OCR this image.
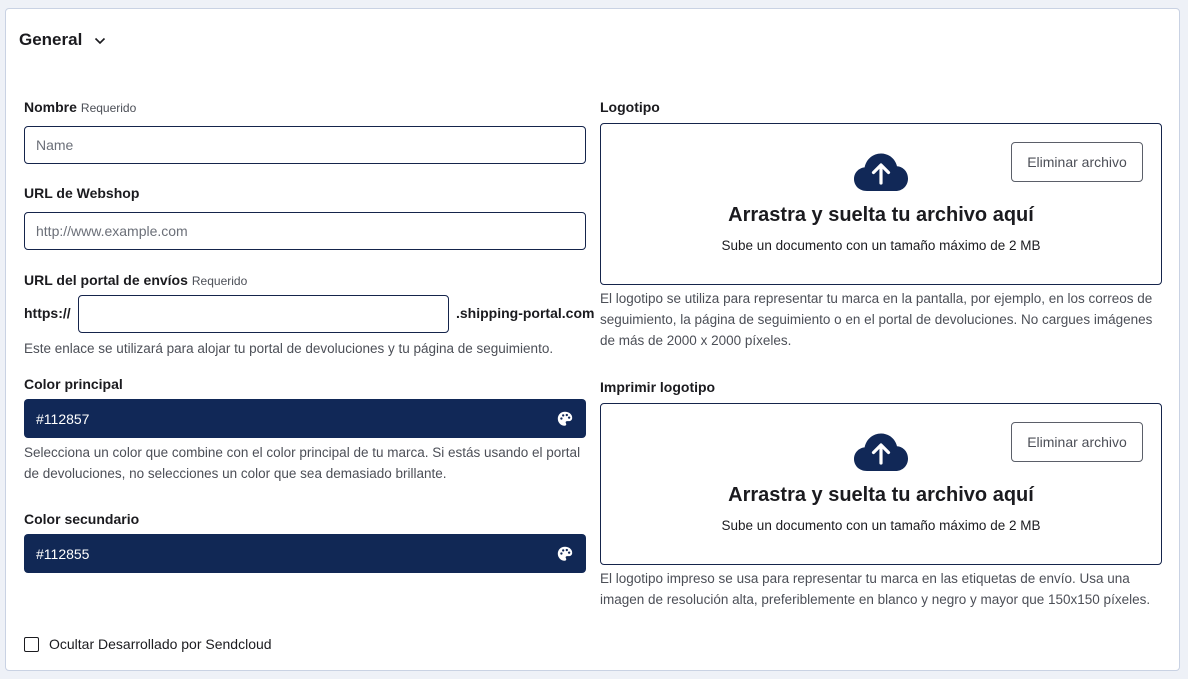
General
Nombre Requerido
Name
URL de Webshop
http://www.example.com
URL del portal de envíos Requerido
https://	.shipping-portal.com
Este enlace se utilizará para alojar tu portal de devoluciones y tu página de seguimiento.
Color principal
#112857
Selecciona un color que combine con el color principal de tu marca. Si estás usando el portal de devoluciones, no selecciones un color que sea demasiado brillante.
Color secundario
#112855
Logotipo
Arrastra y suelta tu archivo aquí
Sube un documento con un tamaño máximo de 2 MB
Eliminar archivo
El logotipo se utiliza para representar tu marca en la pantalla, por ejemplo, en los correos de seguimiento, la página de seguimiento o en el portal de devoluciones. No cargues imágenes de más de 2000 x 2000 píxeles.
Imprimir logotipo
Arrastra y suelta tu archivo aquí
Sube un documento con un tamaño máximo de 2 MB
Eliminar archivo
El logotipo impreso se usa para representar tu marca en las etiquetas de envío. Usa una imagen de resolución alta, preferiblemente en blanco y negro y mayor que 150x150 píxeles.
Ocultar Desarrollado por Sendcloud
